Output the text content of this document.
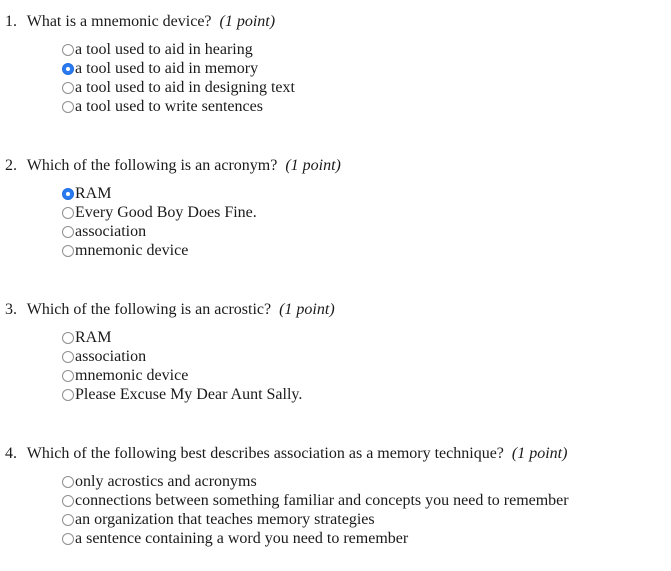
1. What is a mnemonic device? (1 point)
a tool used to aid in hearing
a tool used to aid in memory
a tool used to aid in designing text
a tool used to write sentences
2. Which of the following is an acronym? (1 point)
RAM
Every Good Boy Does Fine.
association
mnemonic device
3. Which of the following is an acrostic? (1 point)
RAM
association
mnemonic device
Please Excuse My Dear Aunt Sally.
4. Which of the following best describes association as a memory technique? (1 point)
only acrostics and acronyms
connections between something familiar and concepts you need to remember
an organization that teaches memory strategies
a sentence containing a word you need to remember
